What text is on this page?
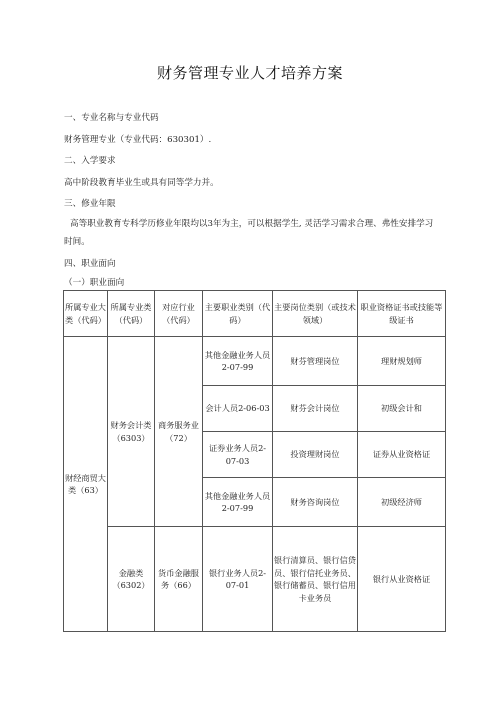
财务管理专业人才培养方案
一、专业名称与专业代码
财务管理专业（专业代码：630301）.
二、入学要求
高中阶段教育毕业生或具有同等学力并。
三、修业年限
高等职业教育专科学历修业年限均以3年为主，可以根据学生, 灵活学习需求合理、弗性安排学习
时间。
四、职业面向
（一）职业面向
所属专业大类（代码）	所属专业类（代码）	对应行业（代码）	主要职业类别（代码）	主要岗位类别（或技术领域）	职业资格证书或技能等级证书
财经商贸大类（63）	财务会计类（6303）	商务服务业（72）	其他金融业务人员2-07-99	财芬管理岗位	理财规划师
			会计人员2-06-03	财芬会计岗位	初级会计和
			证券业务人员2-07-03	投资理财岗位	证券从业资格证
			其他金融业务人员2-07-99	财务咨询岗位	初级经济师
	金融类（6302）	货币金融服务（66）	银行业务人员2-07-01	银行清算员、银行信贷员、银行信托业务员、银行储蓄员、银行信用卡业务员	银行从业资格证
